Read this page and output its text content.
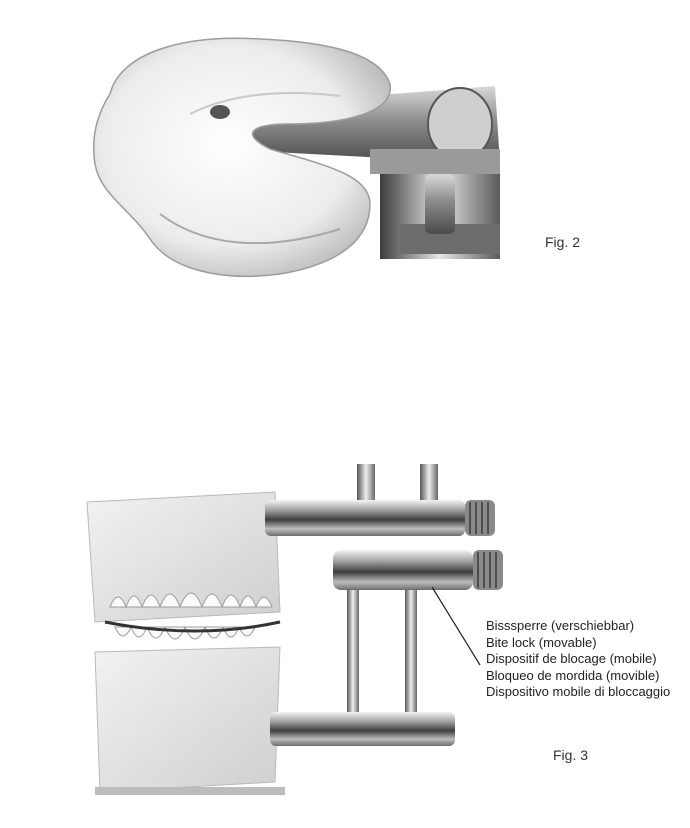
Fig. 2
Bisssperre (verschiebbar)
Bite lock (movable)
Dispositif de blocage (mobile)
Bloqueo de mordida (movible)
Dispositivo mobile di bloccaggio
Fig. 3
